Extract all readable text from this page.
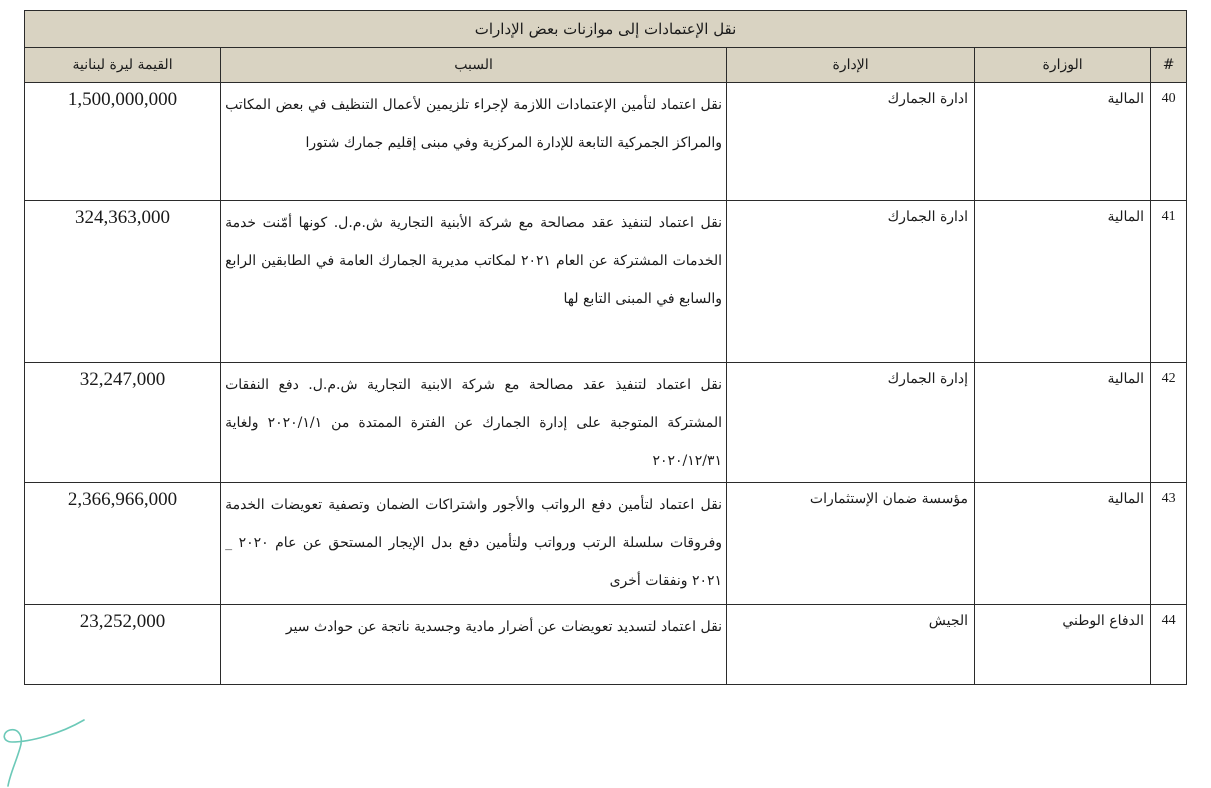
نقل الإعتمادات إلى موازنات بعض الإدارات				
#	الوزارة	الإدارة	السبب	القيمة ليرة لبنانية
40	المالية	ادارة الجمارك	نقل اعتماد لتأمين الإعتمادات اللازمة لإجراء تلزيمين لأعمال التنظيف في بعض المكاتب والمراكز الجمركية التابعة للإدارة المركزية وفي مبنى إقليم جمارك شتورا	1,500,000,000
41	المالية	ادارة الجمارك	نقل اعتماد لتنفيذ عقد مصالحة مع شركة الأبنية التجارية ش.م.ل. كونها أمّنت خدمة الخدمات المشتركة عن العام ٢٠٢١ لمكاتب مديرية الجمارك العامة في الطابقين الرابع والسابع في المبنى التابع لها	324,363,000
42	المالية	إدارة الجمارك	نقل اعتماد لتنفيذ عقد مصالحة مع شركة الابنية التجارية ش.م.ل. دفع النفقات المشتركة المتوجبة على إدارة الجمارك عن الفترة الممتدة من ٢٠٢٠/١/١ ولغاية ٢٠٢٠/١٢/٣١	32,247,000
43	المالية	مؤسسة ضمان الإستثمارات	نقل اعتماد لتأمين دفع الرواتب والأجور واشتراكات الضمان وتصفية تعويضات الخدمة وفروقات سلسلة الرتب ورواتب ولتأمين دفع بدل الإيجار المستحق عن عام ٢٠٢٠ _ ٢٠٢١ ونفقات أخرى	2,366,966,000
44	الدفاع الوطني	الجيش	نقل اعتماد لتسديد تعويضات عن أضرار مادية وجسدية ناتجة عن حوادث سير	23,252,000
